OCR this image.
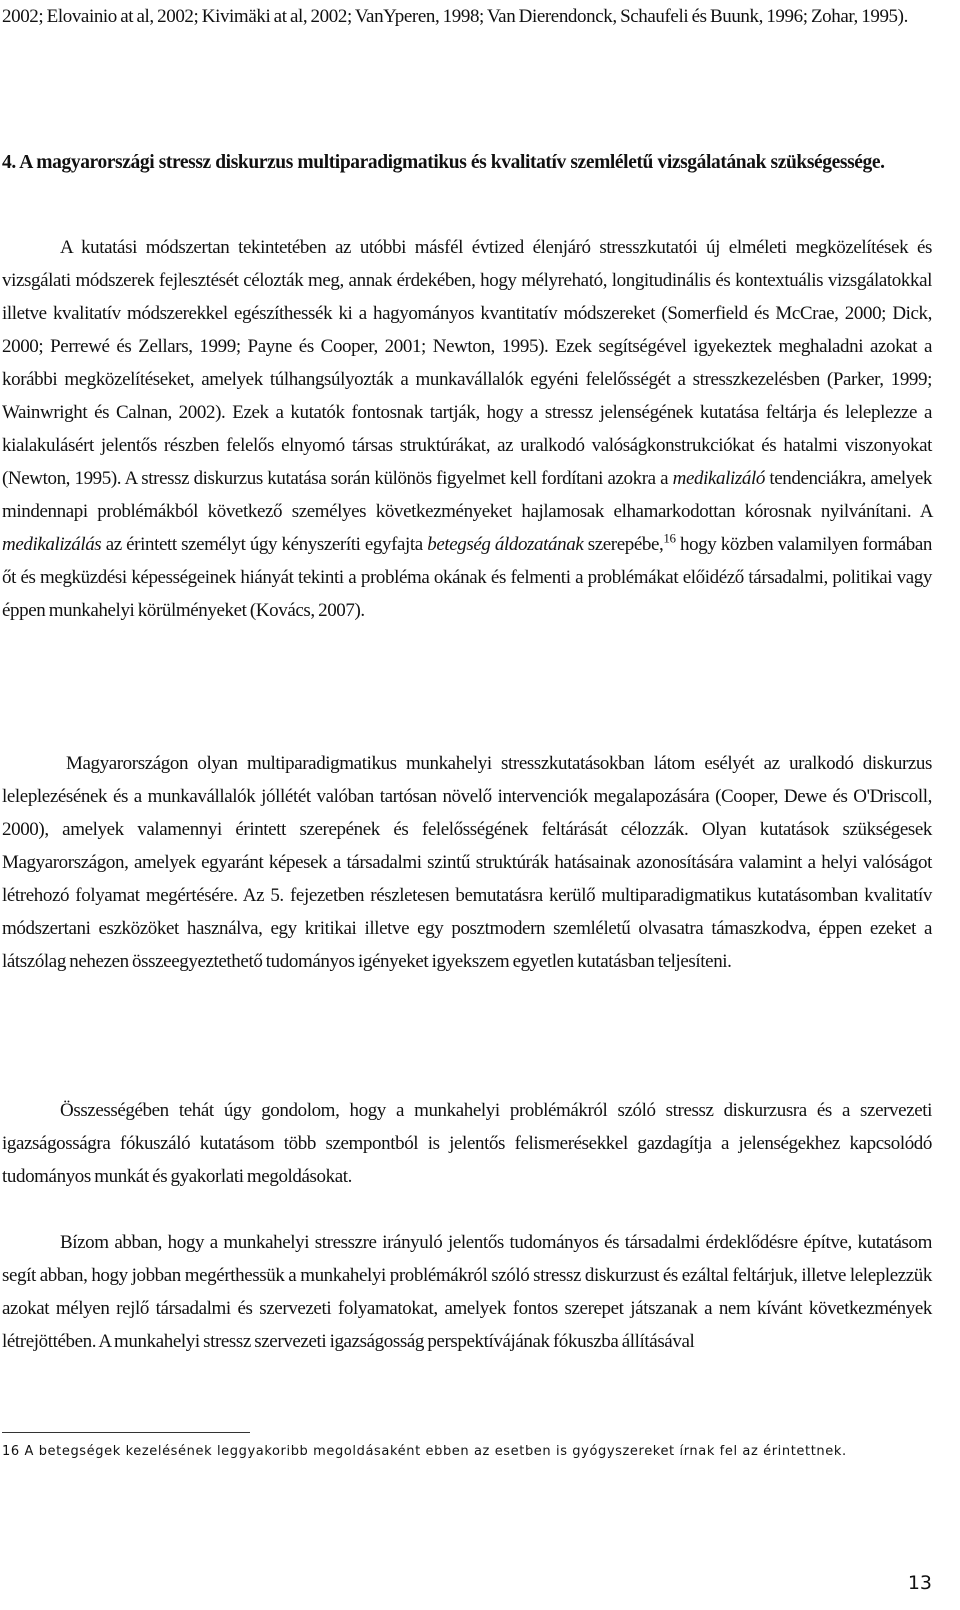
2002; Elovainio at al, 2002; Kivimäki at al, 2002; VanYperen, 1998; Van Dierendonck, Schaufeli és Buunk, 1996; Zohar, 1995).

4. A magyarországi stressz diskurzus multiparadigmatikus és kvalitatív szemléletű vizsgálatának szükségessége.

A kutatási módszertan tekintetében az utóbbi másfél évtized élenjáró stresszkutatói új elméleti megközelítések és vizsgálati módszerek fejlesztését célozták meg, annak érdekében, hogy mélyreható, longitudinális és kontextuális vizsgálatokkal illetve kvalitatív módszerekkel egészíthessék ki a hagyományos kvantitatív módszereket (Somerfield és McCrae, 2000; Dick, 2000; Perrewé és Zellars, 1999; Payne és Cooper, 2001; Newton, 1995). Ezek segítségével igyekeztek meghaladni azokat a korábbi megközelítéseket, amelyek túlhangsúlyozták a munkavállalók egyéni felelősségét a stresszkezelésben (Parker, 1999; Wainwright és Calnan, 2002). Ezek a kutatók fontosnak tartják, hogy a stressz jelenségének kutatása feltárja és leleplezze a kialakulásért jelentős részben felelős elnyomó társas struktúrákat, az uralkodó valóságkonstrukciókat és hatalmi viszonyokat (Newton, 1995). A stressz diskurzus kutatása során különös figyelmet kell fordítani azokra a medikalizáló tendenciákra, amelyek mindennapi problémákból következő személyes következményeket hajlamosak elhamarkodottan kórosnak nyilvánítani. A medikalizálás az érintett személyt úgy kényszeríti egyfajta betegség áldozatának szerepébe,$^{16}$ hogy közben valamilyen formában őt és megküzdési képességeinek hiányát tekinti a probléma okának és felmenti a problémákat előidéző társadalmi, politikai vagy éppen munkahelyi körülményeket (Kovács, 2007).

Magyarországon olyan multiparadigmatikus munkahelyi stresszkutatásokban látom esélyét az uralkodó diskurzus leleplezésének és a munkavállalók jóllétét valóban tartósan növelő intervenciók megalapozására (Cooper, Dewe és O'Driscoll, 2000), amelyek valamennyi érintett szerepének és felelősségének feltárását célozzák. Olyan kutatások szükségesek Magyarországon, amelyek egyaránt képesek a társadalmi szintű struktúrák hatásainak azonosítására valamint a helyi valóságot létrehozó folyamat megértésére. Az 5. fejezetben részletesen bemutatásra kerülő multiparadigmatikus kutatásomban kvalitatív módszertani eszközöket használva, egy kritikai illetve egy posztmodern szemléletű olvasatra támaszkodva, éppen ezeket a látszólag nehezen összeegyeztethető tudományos igényeket igyekszem egyetlen kutatásban teljesíteni.

Összességében tehát úgy gondolom, hogy a munkahelyi problémákról szóló stressz diskurzusra és a szervezeti igazságosságra fókuszáló kutatásom több szempontból is jelentős felismerésekkel gazdagítja a jelenségekhez kapcsolódó tudományos munkát és gyakorlati megoldásokat.

Bízom abban, hogy a munkahelyi stresszre irányuló jelentős tudományos és társadalmi érdeklődésre építve, kutatásom segít abban, hogy jobban megérthessük a munkahelyi problémákról szóló stressz diskurzust és ezáltal feltárjuk, illetve leleplezzük azokat mélyen rejlő társadalmi és szervezeti folyamatokat, amelyek fontos szerepet játszanak a nem kívánt következmények létrejöttében. A munkahelyi stressz szervezeti igazságosság perspektívájának fókuszba állításával

16 A betegségek kezelésének leggyakoribb megoldásaként ebben az esetben is gyógyszereket írnak fel az érintettnek.

13
